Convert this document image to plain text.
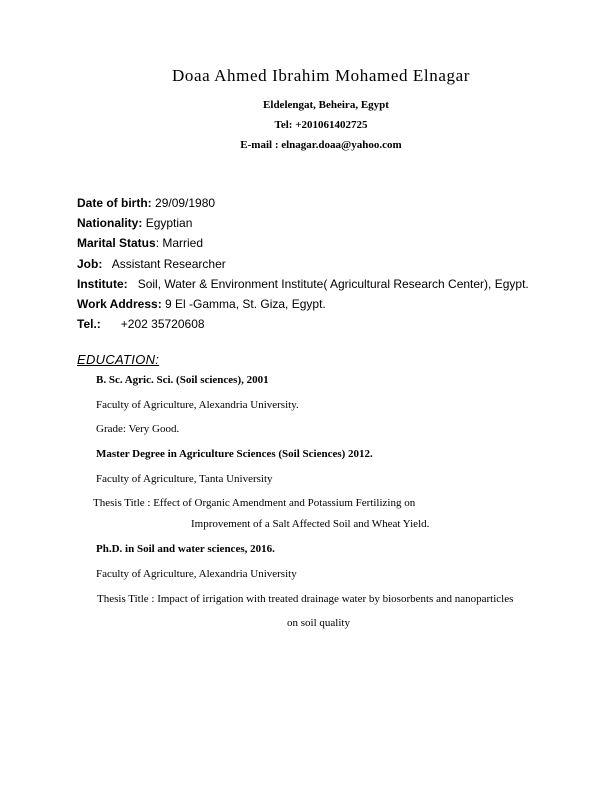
Doaa Ahmed Ibrahim Mohamed Elnagar
Eldelengat, Beheira, Egypt
Tel: +201061402725
E-mail : elnagar.doaa@yahoo.com
Date of birth: 29/09/1980
Nationality: Egyptian
Marital Status: Married
Job: Assistant Researcher
Institute: Soil, Water & Environment Institute( Agricultural Research Center), Egypt.
Work Address: 9 El -Gamma, St. Giza, Egypt.
Tel.: +202 35720608
EDUCATION:
B. Sc. Agric. Sci. (Soil sciences), 2001
Faculty of Agriculture, Alexandria University.
Grade: Very Good.
Master Degree in Agriculture Sciences (Soil Sciences) 2012.
Faculty of Agriculture, Tanta University
Thesis Title : Effect of Organic Amendment and Potassium Fertilizing on
Improvement of a Salt Affected Soil and Wheat Yield.
Ph.D. in Soil and water sciences, 2016.
Faculty of Agriculture, Alexandria University
Thesis Title : Impact of irrigation with treated drainage water by biosorbents and nanoparticles
on soil quality
